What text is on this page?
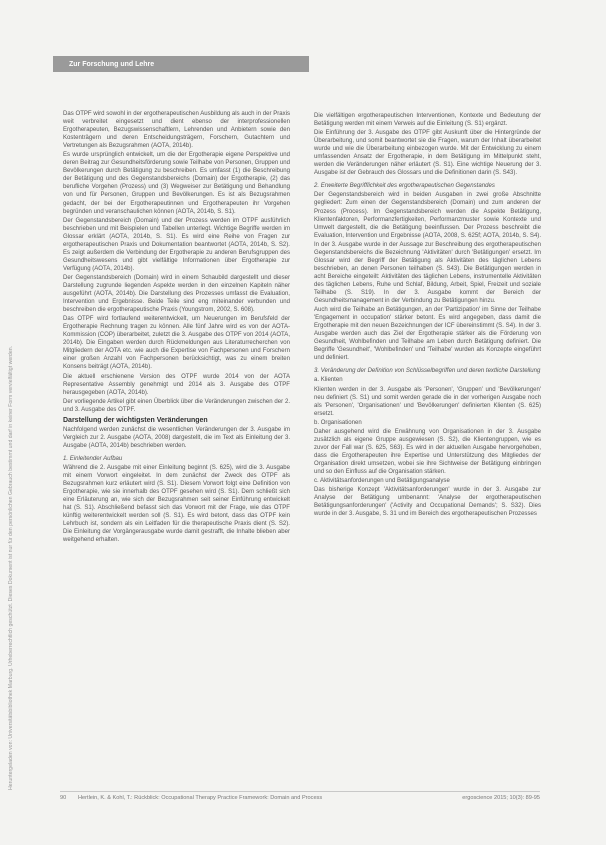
Heruntergeladen von: Universitätsbibliothek Marburg. Urheberrechtlich geschützt. Dieses Dokument ist nur für den persönlichen Gebrauch bestimmt und darf in keiner Form vervielfältigt werden.
Zur Forschung und Lehre

Das OTPF wird sowohl in der ergotherapeutischen Ausbildung als auch in der Praxis weit verbreitet eingesetzt und dient ebenso der interprofessionellen Ergotherapeuten, Bezugswissenschaftlern, Lehrenden und Anbietern sowie den Kostenträgern und deren Entscheidungsträgern, Forschern, Gutachtern und Vertretungen als Bezugsrahmen (AOTA, 2014b).

Es wurde ursprünglich entwickelt, um die der Ergotherapie eigene Perspektive und deren Beitrag zur Gesundheitsförderung sowie Teilhabe von Personen, Gruppen und Bevölkerungen durch Betätigung zu beschreiben. Es umfasst (1) die Beschreibung der Betätigung und des Gegenstandsbereichs (Domain) der Ergotherapie, (2) das berufliche Vorgehen (Prozess) und (3) Wegweiser zur Betätigung und Behandlung von und für Personen, Gruppen und Bevölkerungen. Es ist als Bezugsrahmen gedacht, der bei der Ergotherapeutinnen und Ergotherapeuten ihr Vorgehen begründen und veranschaulichen können (AOTA, 2014b, S. S1).

Der Gegenstandsbereich (Domain) und der Prozess werden im OTPF ausführlich beschrieben und mit Beispielen und Tabellen unterlegt. Wichtige Begriffe werden im Glossar erklärt (AOTA, 2014b, S. S1). Es wird eine Reihe von Fragen zur ergotherapeutischen Praxis und Dokumentation beantwortet (AOTA, 2014b, S. S2). Es zeigt außerdem die Verbindung der Ergotherapie zu anderen Berufsgruppen des Gesundheitswesens und gibt vielfältige Informationen über Ergotherapie zur Verfügung (AOTA, 2014b).

Der Gegenstandsbereich (Domain) wird in einem Schaubild dargestellt und dieser Darstellung zugrunde liegenden Aspekte werden in den einzelnen Kapiteln näher ausgeführt (AOTA, 2014b). Die Darstellung des Prozesses umfasst die Evaluation, Intervention und Ergebnisse. Beide Teile sind eng miteinander verbunden und beschreiben die ergotherapeutische Praxis (Youngstrom, 2002, S. 608).

Das OTPF wird fortlaufend weiterentwickelt, um Neuerungen im Berufsfeld der Ergotherapie Rechnung tragen zu können. Alle fünf Jahre wird es von der AOTA-Kommission (COP) überarbeitet, zuletzt die 3. Ausgabe des OTPF von 2014 (AOTA, 2014b). Die Eingaben werden durch Rückmeldungen aus Literaturrecherchen von Mitgliedern der AOTA etc. wie auch die Expertise von Fachpersonen und Forschern einer großen Anzahl von Fachpersonen berücksichtigt, was zu einem breiten Konsens beiträgt (AOTA, 2014b).

Die aktuell erschienene Version des OTPF wurde 2014 von der AOTA Representative Assembly genehmigt und 2014 als 3. Ausgabe des OTPF herausgegeben (AOTA, 2014b).

Der vorliegende Artikel gibt einen Überblick über die Veränderungen zwischen der 2. und 3. Ausgabe des OTPF.

Darstellung der wichtigsten Veränderungen

Nachfolgend werden zunächst die wesentlichen Veränderungen der 3. Ausgabe im Vergleich zur 2. Ausgabe (AOTA, 2008) dargestellt, die im Text als Einleitung der 3. Ausgabe (AOTA, 2014b) beschrieben werden.

1. Einleitender Aufbau

Während die 2. Ausgabe mit einer Einleitung beginnt (S. 625), wird die 3. Ausgabe mit einem Vorwort eingeleitet. In dem zunächst der Zweck des OTPF als Bezugsrahmen kurz erläutert wird (S. S1). Diesem Vorwort folgt eine Definition von Ergotherapie, wie sie innerhalb des OTPF gesehen wird (S. S1). Dem schließt sich eine Erläuterung an, wie sich der Bezugsrahmen seit seiner Einführung entwickelt hat (S. S1). Abschließend befasst sich das Vorwort mit der Frage, wie das OTPF künftig weiterentwickelt werden soll (S. S1). Es wird betont, dass das OTPF kein Lehrbuch ist, sondern als ein Leitfaden für die therapeutische Praxis dient (S. S2). Die Einleitung der Vorgängerausgabe wurde damit gestrafft, die Inhalte blieben aber weitgehend erhalten.

Die vielfältigen ergotherapeutischen Interventionen, Kontexte und Bedeutung der Betätigung werden mit einem Verweis auf die Einleitung (S. S1) ergänzt.

Die Einführung der 3. Ausgabe des OTPF gibt Auskunft über die Hintergründe der Überarbeitung, und somit beantwortet sie die Fragen, warum der Inhalt überarbeitet wurde und wie die Überarbeitung einbezogen wurde. Mit der Entwicklung zu einem umfassenden Ansatz der Ergotherapie, in dem Betätigung im Mittelpunkt steht, werden die Veränderungen näher erläutert (S. S1). Eine wichtige Neuerung der 3. Ausgabe ist der Gebrauch des Glossars und die Definitionen darin (S. S43).

2. Erweiterte Begrifflichkeit des ergotherapeutischen Gegenstandes

Der Gegenstandsbereich wird in beiden Ausgaben in zwei große Abschnitte gegliedert: Zum einen der Gegenstandsbereich (Domain) und zum anderen der Prozess (Process). Im Gegenstandsbereich werden die Aspekte Betätigung, Klientenfaktoren, Performanzfertigkeiten, Performanzmuster sowie Kontexte und Umwelt dargestellt, die die Betätigung beeinflussen. Der Prozess beschreibt die Evaluation, Intervention und Ergebnisse (AOTA, 2008, S. 625f; AOTA, 2014b, S. S4).

In der 3. Ausgabe wurde in der Aussage zur Beschreibung des ergotherapeutischen Gegenstandsbereichs die Bezeichnung 'Aktivitäten' durch 'Betätigungen' ersetzt. Im Glossar wird der Begriff der Betätigung als Aktivitäten des täglichen Lebens beschrieben, an denen Personen teilhaben (S. S43). Die Betätigungen werden in acht Bereiche eingeteilt: Aktivitäten des täglichen Lebens, instrumentelle Aktivitäten des täglichen Lebens, Ruhe und Schlaf, Bildung, Arbeit, Spiel, Freizeit und soziale Teilhabe (S. S19). In der 3. Ausgabe kommt der Bereich der Gesundheitsmanagement in der Verbindung zu Betätigungen hinzu.

Auch wird die Teilhabe an Betätigungen, an der 'Partizipation' im Sinne der Teilhabe 'Engagement in occupation' stärker betont. Es wird angegeben, dass damit die Ergotherapie mit den neuen Bezeichnungen der ICF übereinstimmt (S. S4). In der 3. Ausgabe werden auch das Ziel der Ergotherapie stärker als die Förderung von Gesundheit, Wohlbefinden und Teilhabe am Leben durch Betätigung definiert. Die Begriffe 'Gesundheit', 'Wohlbefinden' und 'Teilhabe' wurden als Konzepte eingeführt und definiert.

3. Veränderung der Definition von Schlüsselbegriffen und deren textliche Darstellung

a. Klienten

Klienten werden in der 3. Ausgabe als 'Personen', 'Gruppen' und 'Bevölkerungen' neu definiert (S. S1) und somit werden gerade die in der vorherigen Ausgabe noch als 'Personen', 'Organisationen' und 'Bevölkerungen' definierten Klienten (S. 625) ersetzt.

b. Organisationen

Daher ausgehend wird die Erwähnung von Organisationen in der 3. Ausgabe zusätzlich als eigene Gruppe ausgewiesen (S. S2), die Klientengruppen, wie es zuvor der Fall war (S. 625, S63). Es wird in der aktuellen Ausgabe hervorgehoben, dass die Ergotherapeuten ihre Expertise und Unterstützung des Mitgliedes der Organisation direkt umsetzen, wobei sie ihre Sichtweise der Betätigung einbringen und so den Einfluss auf die Organisation stärken.

c. Aktivitätsanforderungen und Betätigungsanalyse

Das bisherige Konzept 'Aktivitätsanforderungen' wurde in der 3. Ausgabe zur Analyse der Betätigung umbenannt: 'Analyse der ergotherapeutischen Betätigungsanforderungen' ('Activity and Occupational Demands'; S. S32). Dies wurde in der 3. Ausgabe, S. 31 und im Bereich des ergotherapeutischen Prozesses

90	Hertlein, K. & Kohl, T.: Rückblick: Occupational Therapy Practice Framework: Domain and Process	ergoscience 2015; 10(3): 89-95
